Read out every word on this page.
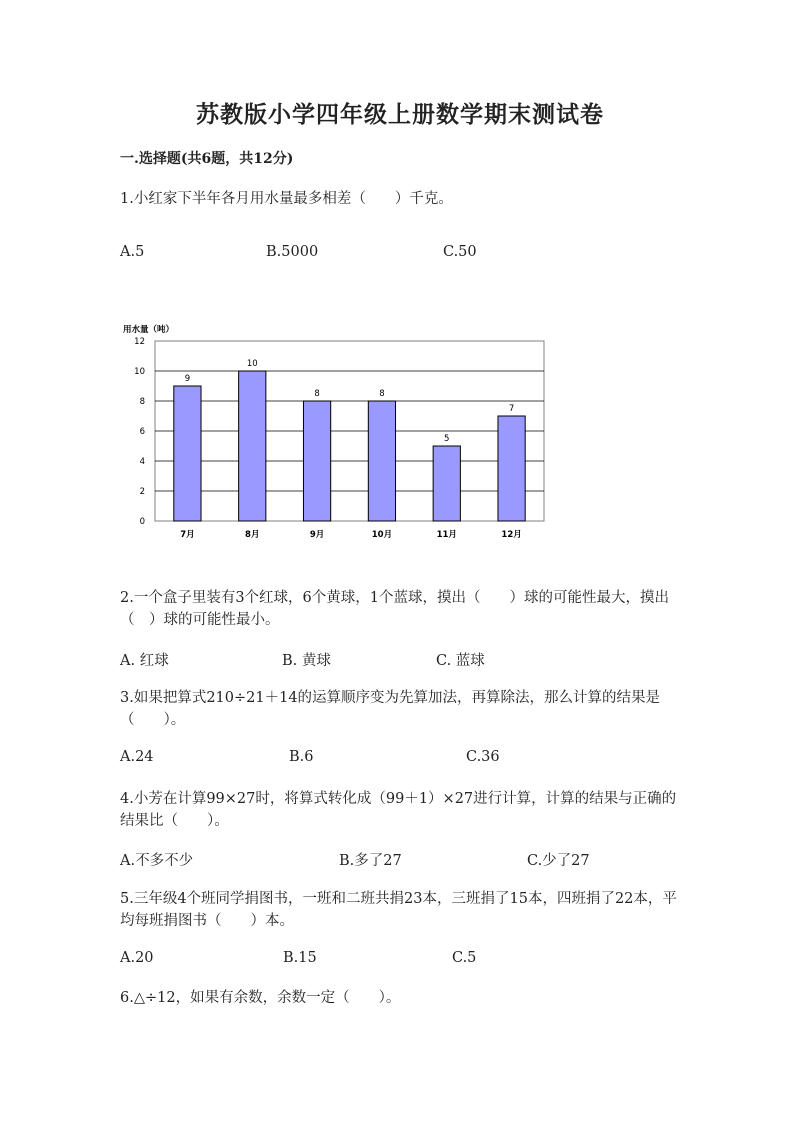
苏教版小学四年级上册数学期末测试卷
一.选择题(共6题，共12分)
1.小红家下半年各月用水量最多相差（　　）千克。
A.5	B.5000	C.50
用水量（吨）
9
10
8	8
5
7
0
2
4
6
8
10
12
7月	8月	9月	10月	11月	12月
2.一个盒子里装有3个红球，6个黄球，1个蓝球，摸出（　　）球的可能性最大，摸出（　）球的可能性最小。
A. 红球	B. 黄球	C. 蓝球
3.如果把算式210÷21＋14的运算顺序变为先算加法，再算除法，那么计算的结果是（　　）。
A.24	B.6	C.36
4.小芳在计算99×27时，将算式转化成（99＋1）×27进行计算，计算的结果与正确的结果比（　　）。
A.不多不少	B.多了27	C.少了27
5.三年级4个班同学捐图书，一班和二班共捐23本，三班捐了15本，四班捐了22本，平均每班捐图书（　　）本。
A.20	B.15	C.5
6.△÷12，如果有余数，余数一定（　　）。
